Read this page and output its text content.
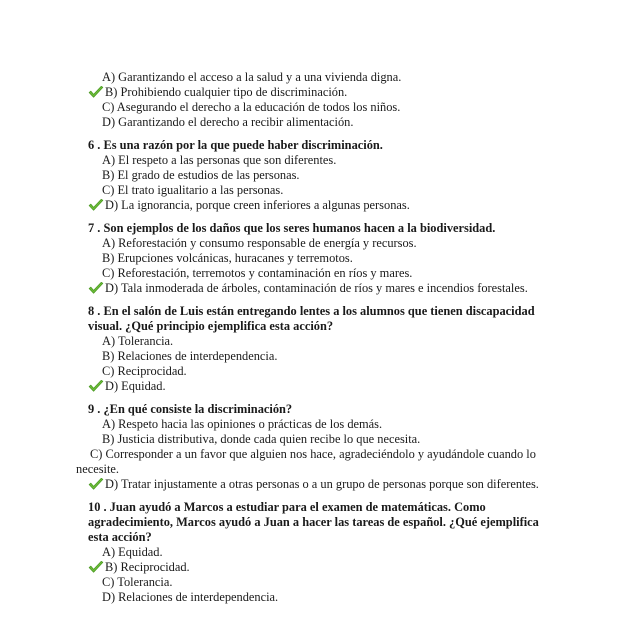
A) Garantizando el acceso a la salud y a una vivienda digna.

B) Prohibiendo cualquier tipo de discriminación.

C) Asegurando el derecho a la educación de todos los niños.

D) Garantizando el derecho a recibir alimentación.

6 . Es una razón por la que puede haber discriminación.

A) El respeto a las personas que son diferentes.

B) El grado de estudios de las personas.

C) El trato igualitario a las personas.

D) La ignorancia, porque creen inferiores a algunas personas.

7 . Son ejemplos de los daños que los seres humanos hacen a la biodiversidad.

A) Reforestación y consumo responsable de energía y recursos.

B) Erupciones volcánicas, huracanes y terremotos.

C) Reforestación, terremotos y contaminación en ríos y mares.

D) Tala inmoderada de árboles, contaminación de ríos y mares e incendios forestales.

8 . En el salón de Luis están entregando lentes a los alumnos que tienen discapacidad visual. ¿Qué principio ejemplifica esta acción?

A) Tolerancia.

B) Relaciones de interdependencia.

C) Reciprocidad.

D) Equidad.

9 . ¿En qué consiste la discriminación?

A) Respeto hacia las opiniones o prácticas de los demás.

B) Justicia distributiva, donde cada quien recibe lo que necesita.

C) Corresponder a un favor que alguien nos hace, agradeciéndolo y ayudándole cuando lo necesite.

D) Tratar injustamente a otras personas o a un grupo de personas porque son diferentes.

10 . Juan ayudó a Marcos a estudiar para el examen de matemáticas. Como agradecimiento, Marcos ayudó a Juan a hacer las tareas de español. ¿Qué ejemplifica esta acción?

A) Equidad.

B) Reciprocidad.

C) Tolerancia.

D) Relaciones de interdependencia.
